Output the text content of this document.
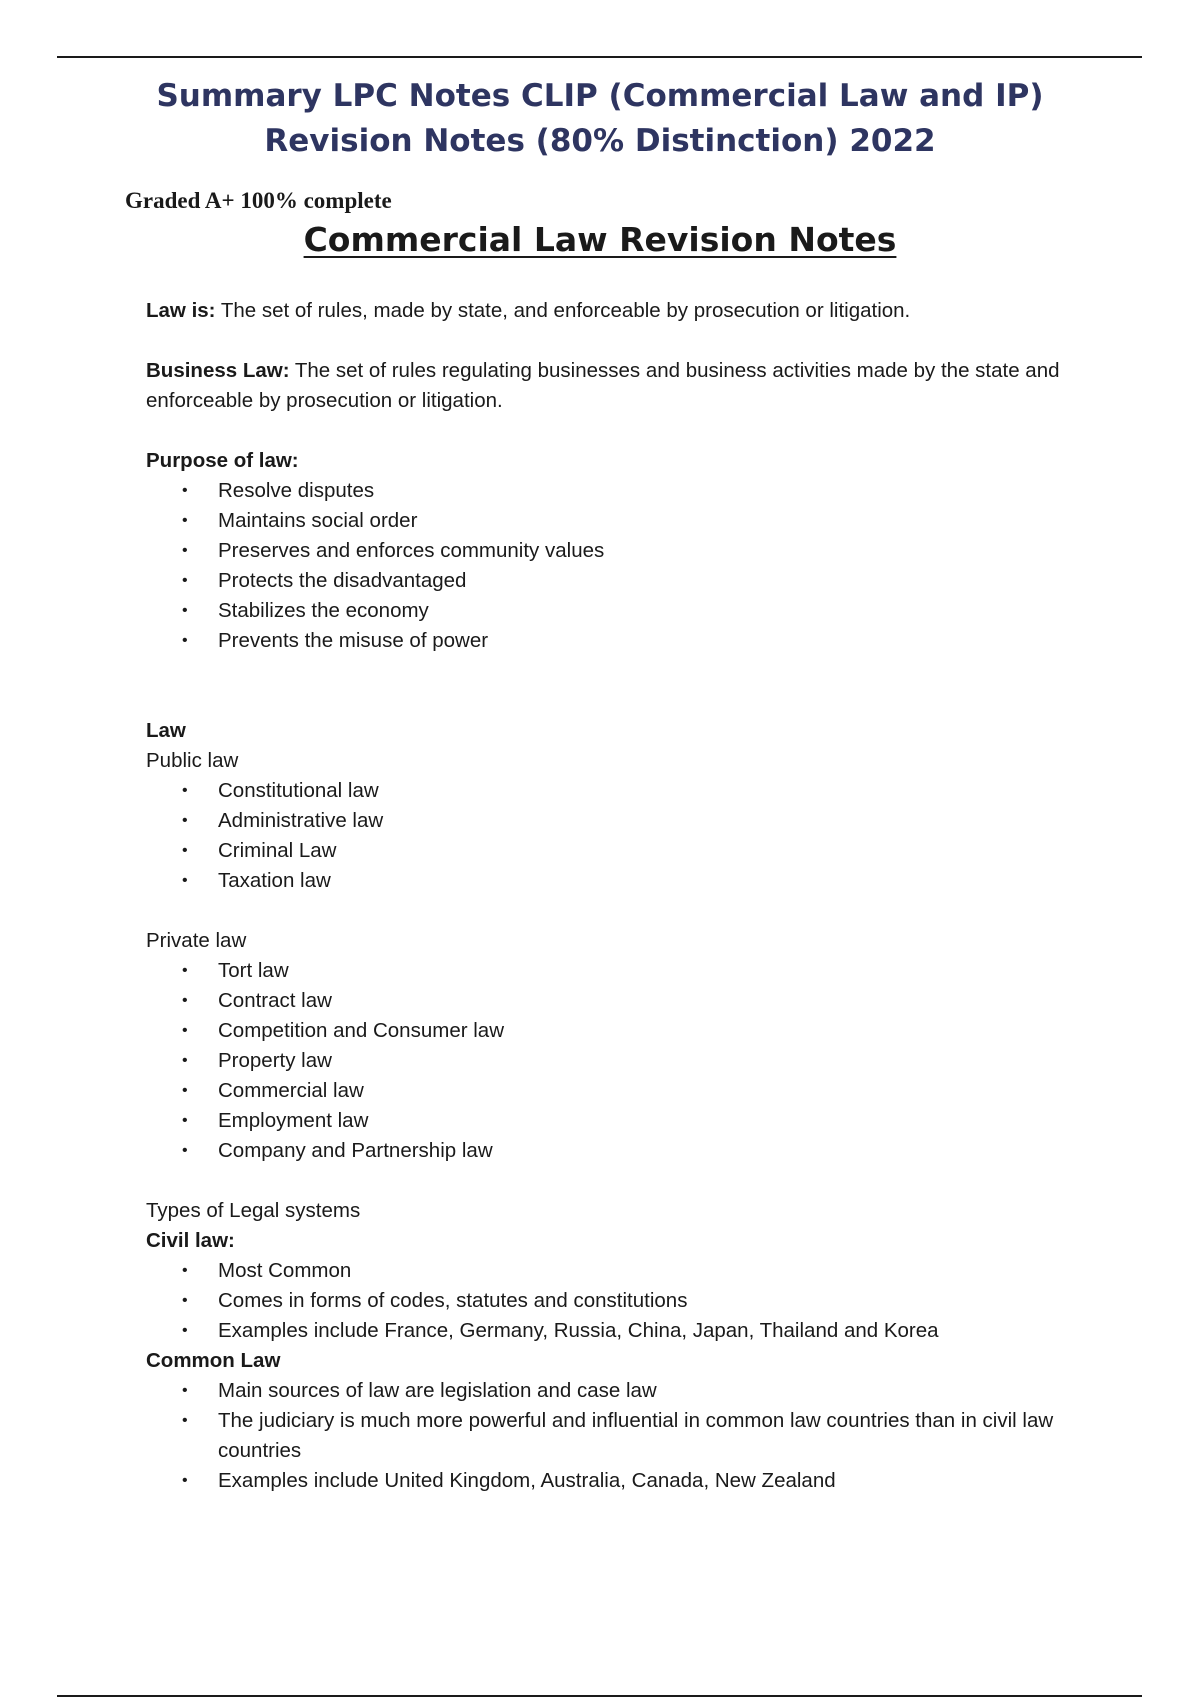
Summary LPC Notes CLIP (Commercial Law and IP) Revision Notes (80% Distinction) 2022

Graded A+ 100% complete

Commercial Law Revision Notes

Law is: The set of rules, made by state, and enforceable by prosecution or litigation.

Business Law: The set of rules regulating businesses and business activities made by the state and enforceable by prosecution or litigation.

Purpose of law:

• Resolve disputes
• Maintains social order
• Preserves and enforces community values
• Protects the disadvantaged
• Stabilizes the economy
• Prevents the misuse of power

Law

Public law

• Constitutional law
• Administrative law
• Criminal Law
• Taxation law

Private law

• Tort law
• Contract law
• Competition and Consumer law
• Property law
• Commercial law
• Employment law
• Company and Partnership law

Types of Legal systems

Civil law:

• Most Common
• Comes in forms of codes, statutes and constitutions
• Examples include France, Germany, Russia, China, Japan, Thailand and Korea

Common Law

• Main sources of law are legislation and case law
• The judiciary is much more powerful and influential in common law countries than in civil law countries
• Examples include United Kingdom, Australia, Canada, New Zealand
